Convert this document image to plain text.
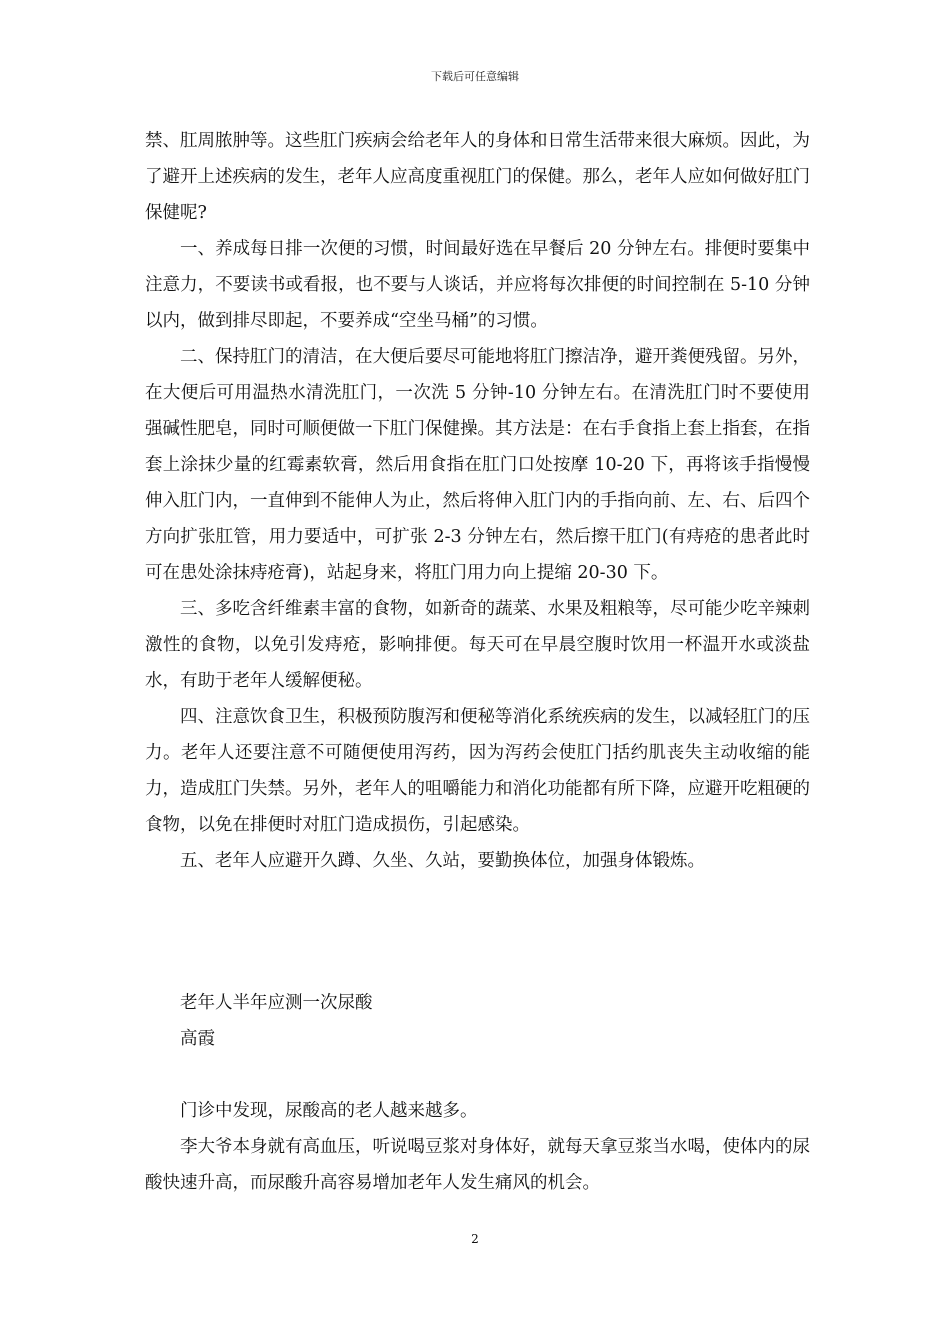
下载后可任意编辑

禁、肛周脓肿等。这些肛门疾病会给老年人的身体和日常生活带来很大麻烦。因此，为了避开上述疾病的发生，老年人应高度重视肛门的保健。那么，老年人应如何做好肛门保健呢?

一、养成每日排一次便的习惯，时间最好选在早餐后 20 分钟左右。排便时要集中注意力，不要读书或看报，也不要与人谈话，并应将每次排便的时间控制在 5-10 分钟以内，做到排尽即起，不要养成“空坐马桶”的习惯。

二、保持肛门的清洁，在大便后要尽可能地将肛门擦洁净，避开粪便残留。另外，在大便后可用温热水清洗肛门，一次洗 5 分钟-10 分钟左右。在清洗肛门时不要使用强碱性肥皂，同时可顺便做一下肛门保健操。其方法是：在右手食指上套上指套，在指套上涂抹少量的红霉素软膏，然后用食指在肛门口处按摩 10-20 下，再将该手指慢慢伸入肛门内，一直伸到不能伸人为止，然后将伸入肛门内的手指向前、左、右、后四个方向扩张肛管，用力要适中，可扩张 2-3 分钟左右，然后擦干肛门(有痔疮的患者此时可在患处涂抹痔疮膏)，站起身来，将肛门用力向上提缩 20-30 下。

三、多吃含纤维素丰富的食物，如新奇的蔬菜、水果及粗粮等，尽可能少吃辛辣刺激性的食物，以免引发痔疮，影响排便。每天可在早晨空腹时饮用一杯温开水或淡盐水，有助于老年人缓解便秘。

四、注意饮食卫生，积极预防腹泻和便秘等消化系统疾病的发生，以减轻肛门的压力。老年人还要注意不可随便使用泻药，因为泻药会使肛门括约肌丧失主动收缩的能力，造成肛门失禁。另外，老年人的咀嚼能力和消化功能都有所下降，应避开吃粗硬的食物，以免在排便时对肛门造成损伤，引起感染。

五、老年人应避开久蹲、久坐、久站，要勤换体位，加强身体锻炼。

老年人半年应测一次尿酸
高霞

门诊中发现，尿酸高的老人越来越多。

李大爷本身就有高血压，听说喝豆浆对身体好，就每天拿豆浆当水喝，使体内的尿酸快速升高，而尿酸升高容易增加老年人发生痛风的机会。

2
